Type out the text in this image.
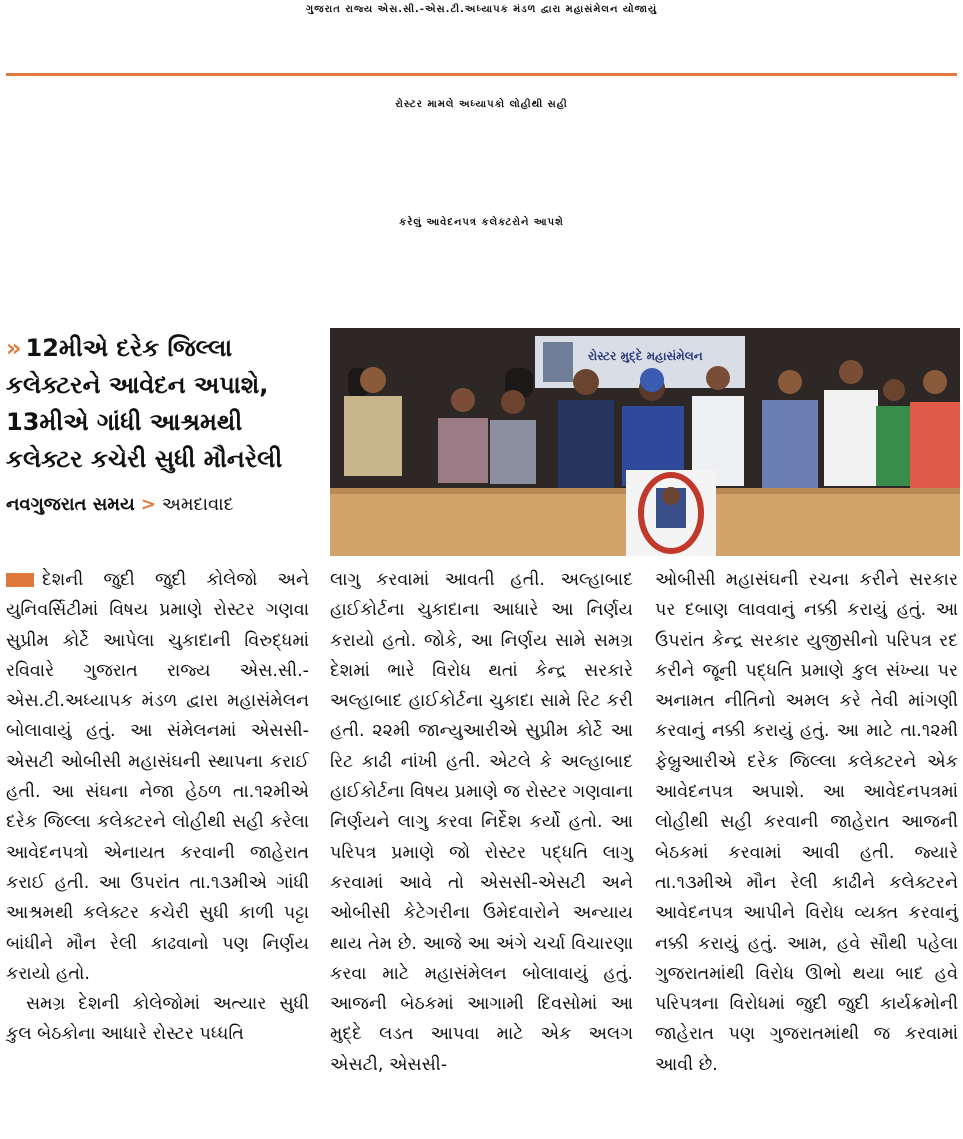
ગુજરાત રાજ્ય એસ.સી.-એસ.ટી.અધ્યાપક મંડળ દ્વારા મહાસંમેલન યોજાયું
રોસ્ટર મામલે અધ્યાપકો લોહીથી સહી
કરેલું આવેદનપત્ર કલેક્ટરોને આપશે
» 12મીએ દરેક જિલ્લા કલેક્ટરને આવેદન અપાશે, 13મીએ ગાંધી આશ્રમથી કલેક્ટર કચેરી સુધી મૌનરેલી
નવગુજરાત સમય > અમદાવાદ
રોસ્ટર મુદ્દે મહાસંમેલન

દેશની જુદી જુદી કોલેજો અને યુનિવર્સિટીમાં વિષય પ્રમાણે રોસ્ટર ગણવા સુપ્રીમ કોર્ટે આપેલા ચુકાદાની વિરુદ્ધમાં રવિવારે ગુજરાત રાજ્ય એસ.સી.-એસ.ટી.અધ્યાપક મંડળ દ્વારા મહાસંમેલન બોલાવાયું હતું. આ સંમેલનમાં એસસી-એસટી ઓબીસી મહાસંઘની સ્થાપના કરાઈ હતી. આ સંઘના નેજા હેઠળ તા.૧૨મીએ દરેક જિલ્લા કલેક્ટરને લોહીથી સહી કરેલા આવેદનપત્રો એનાયત કરવાની જાહેરાત કરાઈ હતી. આ ઉપરાંત તા.૧૩મીએ ગાંધી આશ્રમથી કલેક્ટર કચેરી સુધી કાળી પટ્ટા બાંધીને મૌન રેલી કાઢવાનો પણ નિર્ણય કરાયો હતો.

સમગ્ર દેશની કોલેજોમાં અત્યાર સુધી કુલ બેઠકોના આધારે રોસ્ટર પધ્ધતિ

લાગુ કરવામાં આવતી હતી. અલ્હાબાદ હાઈકોર્ટના ચુકાદાના આધારે આ નિર્ણય કરાયો હતો. જોકે, આ નિર્ણય સામે સમગ્ર દેશમાં ભારે વિરોધ થતાં કેન્દ્ર સરકારે અલ્હાબાદ હાઈકોર્ટના ચુકાદા સામે રિટ કરી હતી. ૨૨મી જાન્યુઆરીએ સુપ્રીમ કોર્ટે આ રિટ કાઢી નાંખી હતી. એટલે કે અલ્હાબાદ હાઈકોર્ટના વિષય પ્રમાણે જ રોસ્ટર ગણવાના નિર્ણયને લાગુ કરવા નિર્દેશ કર્યો હતો. આ પરિપત્ર પ્રમાણે જો રોસ્ટર પદ્ધતિ લાગુ કરવામાં આવે તો એસસી-એસટી અને ઓબીસી કેટેગરીના ઉમેદવારોને અન્યાય થાય તેમ છે. આજે આ અંગે ચર્ચા વિચારણા કરવા માટે મહાસંમેલન બોલાવાયું હતું. આજની બેઠકમાં આગામી દિવસોમાં આ મુદ્દે લડત આપવા માટે એક અલગ એસટી, એસસી-

ઓબીસી મહાસંઘની રચના કરીને સરકાર પર દબાણ લાવવાનું નક્કી કરાયું હતું. આ ઉપરાંત કેન્દ્ર સરકાર યુજીસીનો પરિપત્ર રદ કરીને જૂની પદ્ધતિ પ્રમાણે કુલ સંખ્યા પર અનામત નીતિનો અમલ કરે તેવી માંગણી કરવાનું નક્કી કરાયું હતું. આ માટે તા.૧૨મી ફેબ્રુઆરીએ દરેક જિલ્લા કલેક્ટરને એક આવેદનપત્ર અપાશે. આ આવેદનપત્રમાં લોહીથી સહી કરવાની જાહેરાત આજની બેઠકમાં કરવામાં આવી હતી. જ્યારે તા.૧૩મીએ મૌન રેલી કાઢીને કલેક્ટરને આવેદનપત્ર આપીને વિરોધ વ્યક્ત કરવાનું નક્કી કરાયું હતું. આમ, હવે સૌથી પહેલા ગુજરાતમાંથી વિરોધ ઊભો થયા બાદ હવે પરિપત્રના વિરોધમાં જુદી જુદી કાર્યક્રમોની જાહેરાત પણ ગુજરાતમાંથી જ કરવામાં આવી છે.
